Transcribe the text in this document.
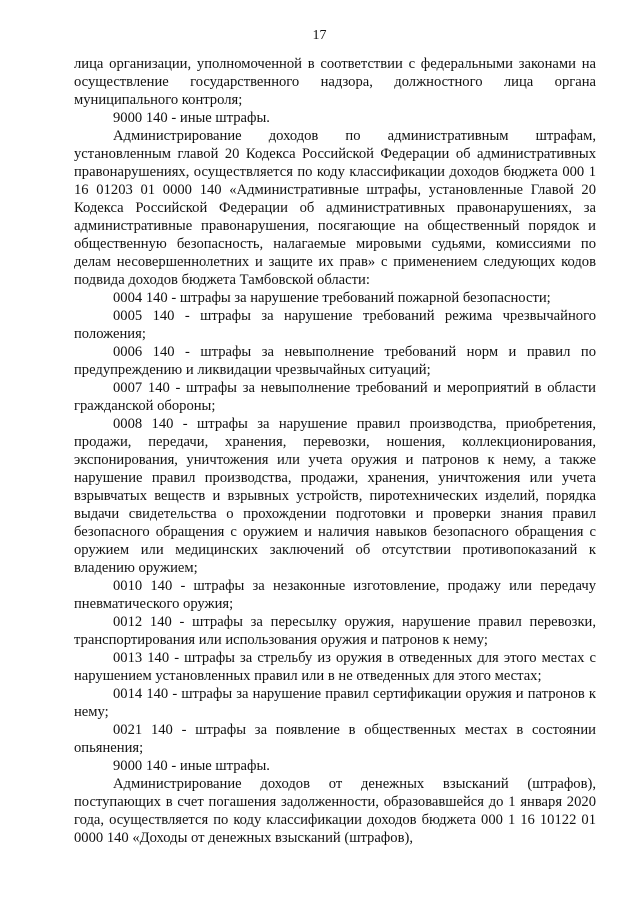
17

лица организации, уполномоченной в соответствии с федеральными законами на осуществление государственного надзора, должностного лица органа муниципального контроля;

9000 140 - иные штрафы.

Администрирование доходов по административным штрафам, установленным главой 20 Кодекса Российской Федерации об административных правонарушениях, осуществляется по коду классификации доходов бюджета 000 1 16 01203 01 0000 140 «Административные штрафы, установленные Главой 20 Кодекса Российской Федерации об административных правонарушениях, за административные правонарушения, посягающие на общественный порядок и общественную безопасность, налагаемые мировыми судьями, комиссиями по делам несовершеннолетних и защите их прав» с применением следующих кодов подвида доходов бюджета Тамбовской области:

0004 140 - штрафы за нарушение требований пожарной безопасности;

0005 140 - штрафы за нарушение требований режима чрезвычайного положения;

0006 140 - штрафы за невыполнение требований норм и правил по предупреждению и ликвидации чрезвычайных ситуаций;

0007 140 - штрафы за невыполнение требований и мероприятий в области гражданской обороны;

0008 140 - штрафы за нарушение правил производства, приобретения, продажи, передачи, хранения, перевозки, ношения, коллекционирования, экспонирования, уничтожения или учета оружия и патронов к нему, а также нарушение правил производства, продажи, хранения, уничтожения или учета взрывчатых веществ и взрывных устройств, пиротехнических изделий, порядка выдачи свидетельства о прохождении подготовки и проверки знания правил безопасного обращения с оружием и наличия навыков безопасного обращения с оружием или медицинских заключений об отсутствии противопоказаний к владению оружием;

0010 140 - штрафы за незаконные изготовление, продажу или передачу пневматического оружия;

0012 140 - штрафы за пересылку оружия, нарушение правил перевозки, транспортирования или использования оружия и патронов к нему;

0013 140 - штрафы за стрельбу из оружия в отведенных для этого местах с нарушением установленных правил или в не отведенных для этого местах;

0014 140 - штрафы за нарушение правил сертификации оружия и патронов к нему;

0021 140 - штрафы за появление в общественных местах в состоянии опьянения;

9000 140 - иные штрафы.

Администрирование доходов от денежных взысканий (штрафов), поступающих в счет погашения задолженности, образовавшейся до 1 января 2020 года, осуществляется по коду классификации доходов бюджета 000 1 16 10122 01 0000 140 «Доходы от денежных взысканий (штрафов),
